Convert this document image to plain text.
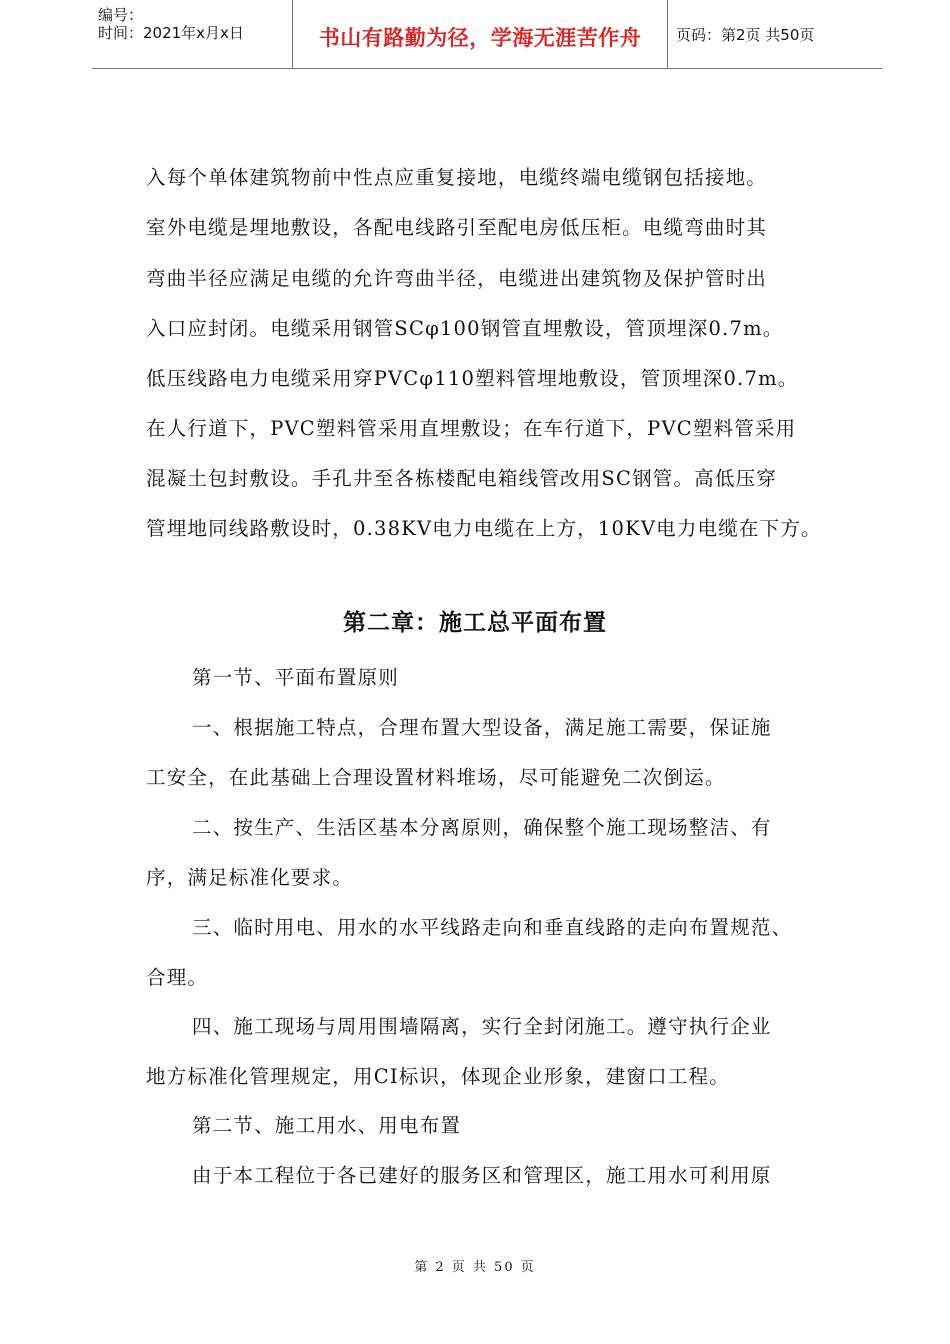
编号：
时间：2021年x月x日	书山有路勤为径，学海无涯苦作舟	页码：第2页 共50页
入每个单体建筑物前中性点应重复接地，电缆终端电缆钢包括接地。
室外电缆是埋地敷设，各配电线路引至配电房低压柜。电缆弯曲时其
弯曲半径应满足电缆的允许弯曲半径，电缆进出建筑物及保护管时出
入口应封闭。电缆采用钢管SCφ100钢管直埋敷设，管顶埋深0.7m。
低压线路电力电缆采用穿PVCφ110塑料管埋地敷设，管顶埋深0.7m。
在人行道下，PVC塑料管采用直埋敷设；在车行道下，PVC塑料管采用
混凝土包封敷设。手孔井至各栋楼配电箱线管改用SC钢管。高低压穿
管埋地同线路敷设时，0.38KV电力电缆在上方，10KV电力电缆在下方。
第二章：施工总平面布置
第一节、平面布置原则
一、根据施工特点，合理布置大型设备，满足施工需要，保证施
工安全，在此基础上合理设置材料堆场，尽可能避免二次倒运。
二、按生产、生活区基本分离原则，确保整个施工现场整洁、有
序，满足标准化要求。
三、临时用电、用水的水平线路走向和垂直线路的走向布置规范、
合理。
四、施工现场与周用围墙隔离，实行全封闭施工。遵守执行企业
地方标准化管理规定，用CI标识，体现企业形象，建窗口工程。
第二节、施工用水、用电布置
由于本工程位于各已建好的服务区和管理区，施工用水可利用原
第 2 页 共 50 页
